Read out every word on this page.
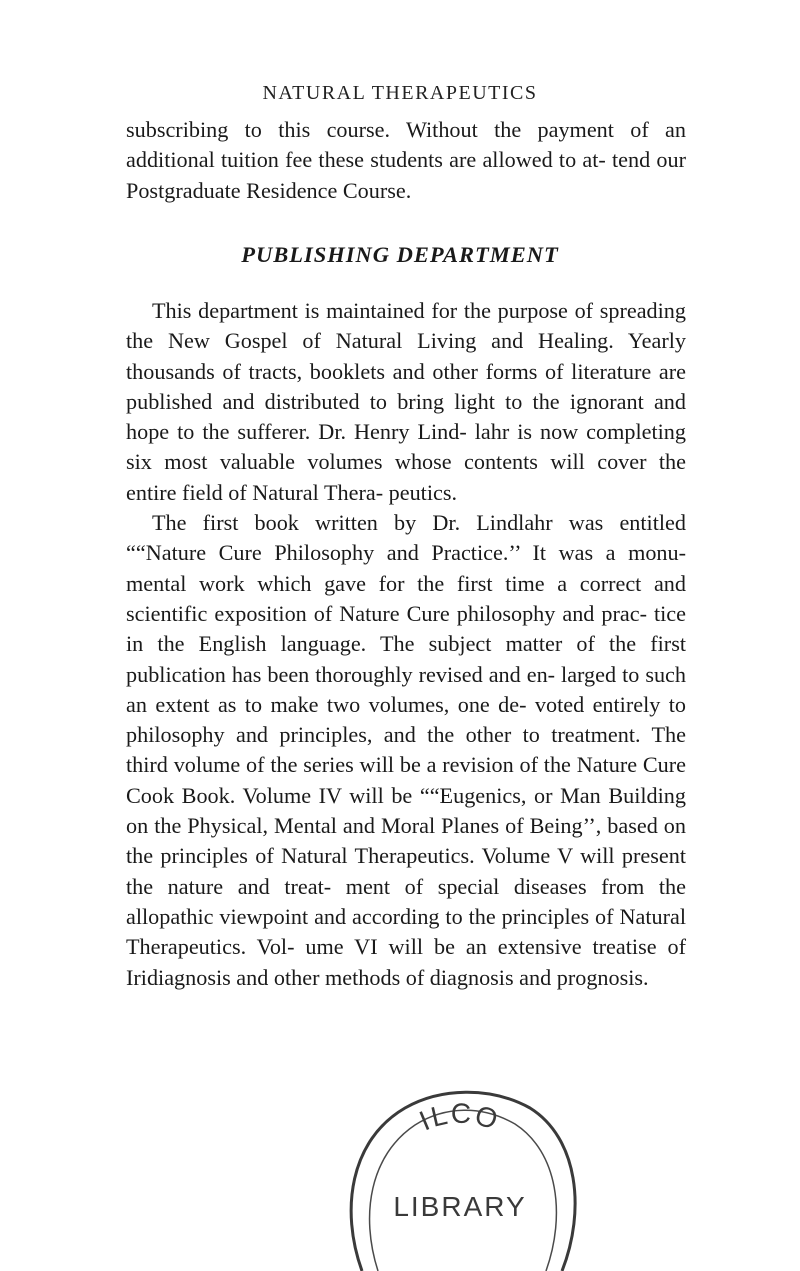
NATURAL THERAPEUTICS

subscribing to this course. Without the payment of an additional tuition fee these students are allowed to at- tend our Postgraduate Residence Course.

PUBLISHING DEPARTMENT

This department is maintained for the purpose of spreading the New Gospel of Natural Living and Healing. Yearly thousands of tracts, booklets and other forms of literature are published and distributed to bring light to the ignorant and hope to the sufferer. Dr. Henry Lind- lahr is now completing six most valuable volumes whose contents will cover the entire field of Natural Thera- peutics.

The first book written by Dr. Lindlahr was entitled ““Nature Cure Philosophy and Practice.’’ It was a monu- mental work which gave for the first time a correct and scientific exposition of Nature Cure philosophy and prac- tice in the English language. The subject matter of the first publication has been thoroughly revised and en- larged to such an extent as to make two volumes, one de- voted entirely to philosophy and principles, and the other to treatment. The third volume of the series will be a revision of the Nature Cure Cook Book. Volume IV will be ““Eugenics, or Man Building on the Physical, Mental and Moral Planes of Being’’, based on the principles of Natural Therapeutics. Volume V will present the nature and treat- ment of special diseases from the allopathic viewpoint and according to the principles of Natural Therapeutics. Vol- ume VI will be an extensive treatise of Iridiagnosis and other methods of diagnosis and prognosis.

ILCO
LIBRARY
